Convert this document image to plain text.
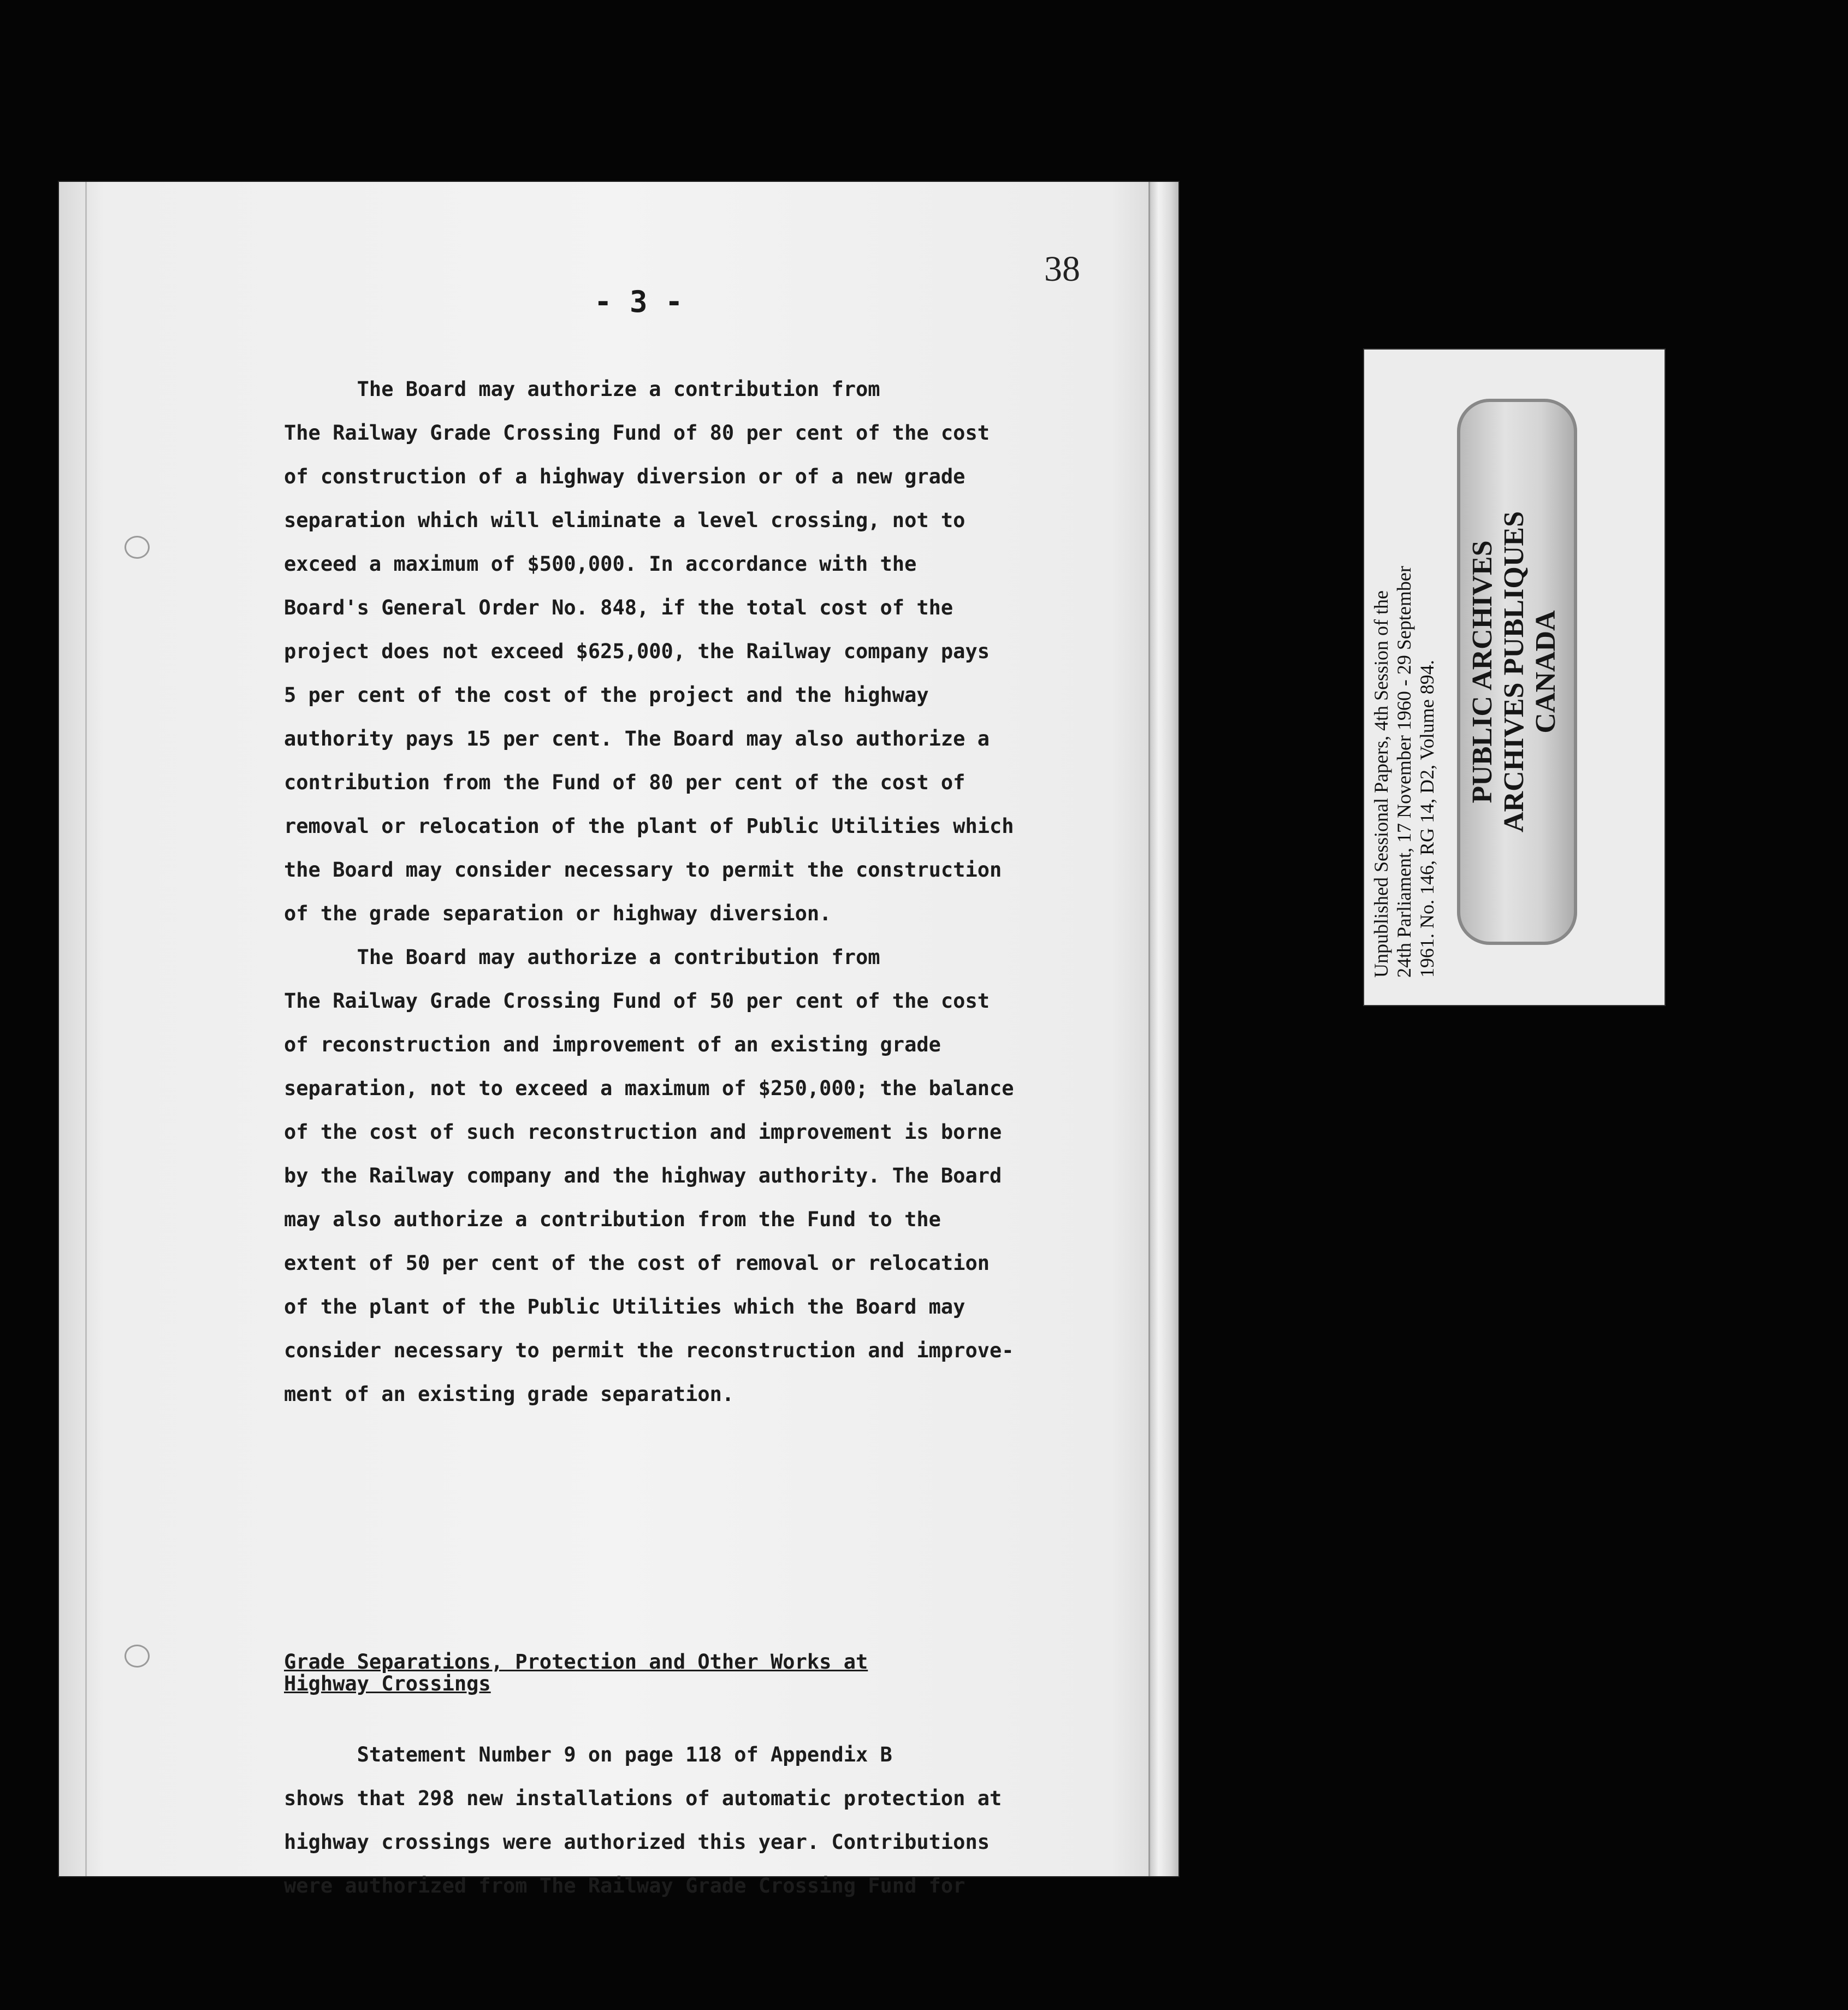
38
- 3 -

The Board may authorize a contribution from

The Railway Grade Crossing Fund of 80 per cent of the cost

of construction of a highway diversion or of a new grade

separation which will eliminate a level crossing, not to

exceed a maximum of $500,000. In accordance with the

Board's General Order No. 848, if the total cost of the

project does not exceed $625,000, the Railway company pays

5 per cent of the cost of the project and the highway

authority pays 15 per cent. The Board may also authorize a

contribution from the Fund of 80 per cent of the cost of

removal or relocation of the plant of Public Utilities which

the Board may consider necessary to permit the construction

of the grade separation or highway diversion.

The Board may authorize a contribution from

The Railway Grade Crossing Fund of 50 per cent of the cost

of reconstruction and improvement of an existing grade

separation, not to exceed a maximum of $250,000; the balance

of the cost of such reconstruction and improvement is borne

by the Railway company and the highway authority. The Board

may also authorize a contribution from the Fund to the

extent of 50 per cent of the cost of removal or relocation

of the plant of the Public Utilities which the Board may

consider necessary to permit the reconstruction and improve-

ment of an existing grade separation.

Grade Separations, Protection and Other Works at
Highway Crossings

Statement Number 9 on page 118 of Appendix B

shows that 298 new installations of automatic protection at

highway crossings were authorized this year. Contributions

were authorized from The Railway Grade Crossing Fund for

Unpublished Sessional Papers, 4th Session of the 24th Parliament, 17 November 1960 - 29 September 1961. No. 146, RG 14, D2, Volume 894. PUBLIC ARCHIVES ARCHIVES PUBLIQUES CANADA
